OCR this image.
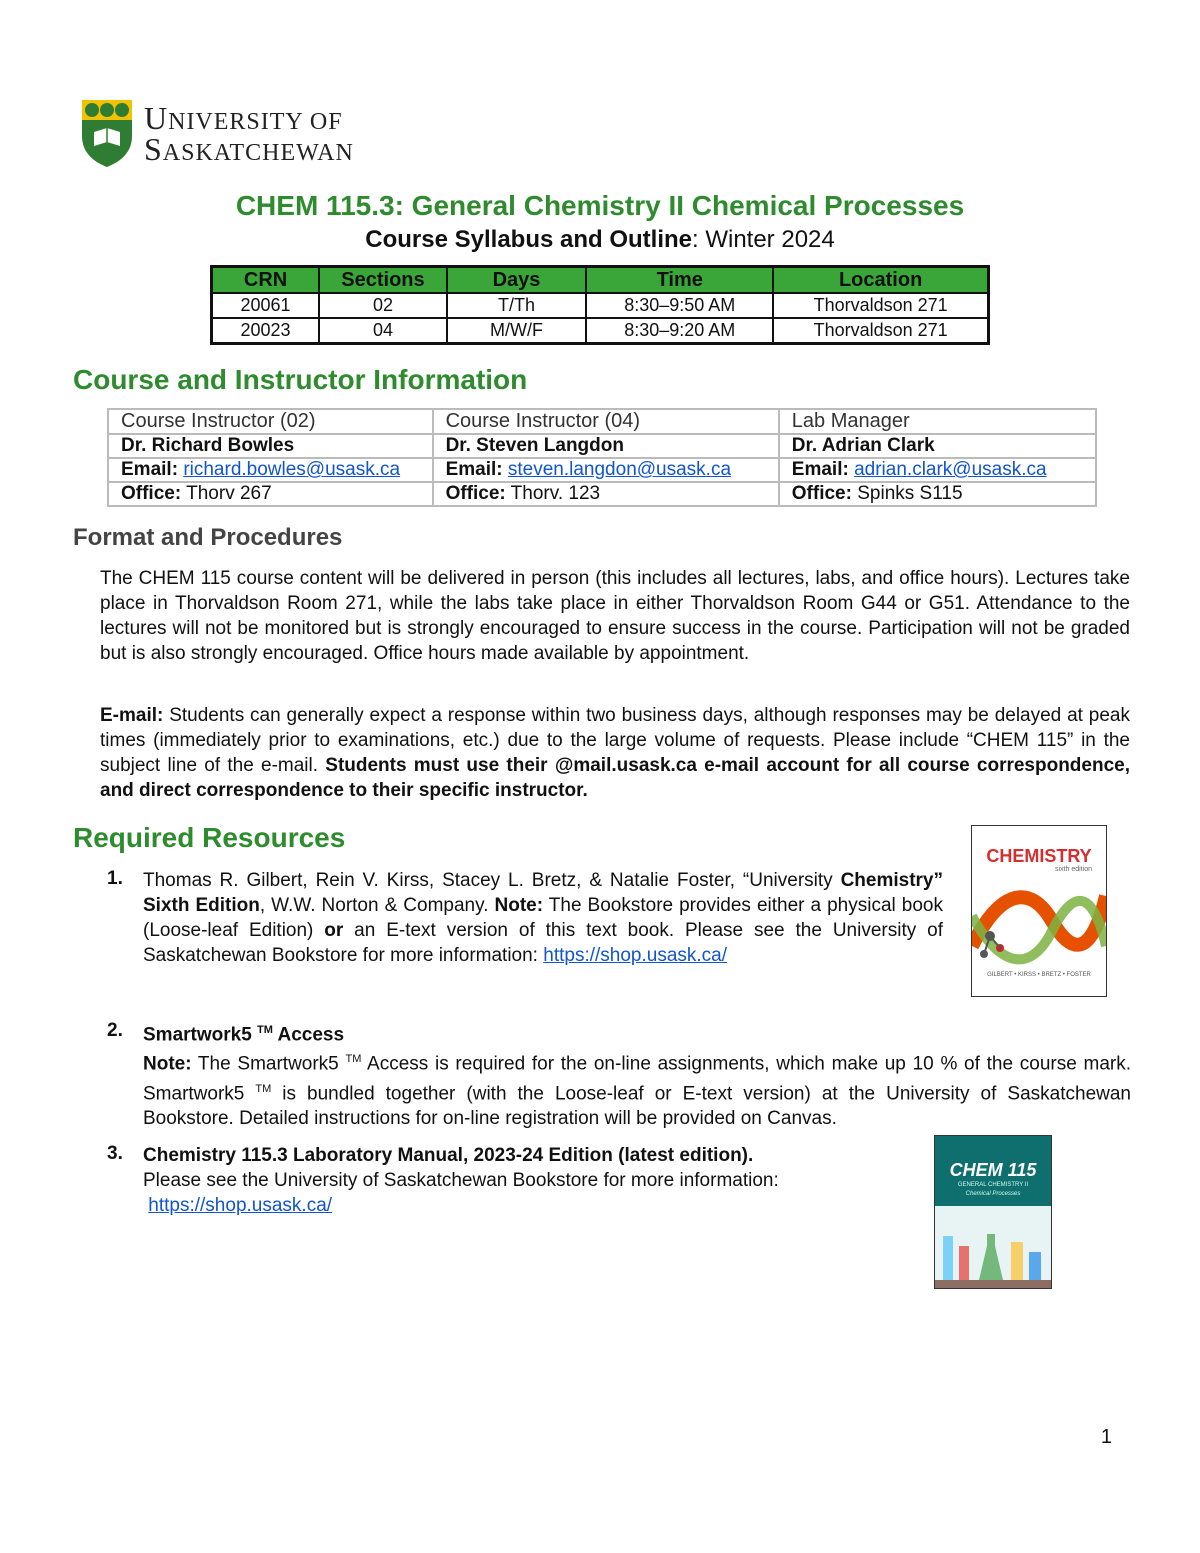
UNIVERSITY OF
SASKATCHEWAN
CHEM 115.3: General Chemistry II Chemical Processes
Course Syllabus and Outline: Winter 2024
CRN	Sections	Days	Time	Location
20061	02	T/Th	8:30–9:50 AM	Thorvaldson 271
20023	04	M/W/F	8:30–9:20 AM	Thorvaldson 271
Course and Instructor Information
Course Instructor (02)	Course Instructor (04)	Lab Manager
Dr. Richard Bowles	Dr. Steven Langdon	Dr. Adrian Clark
Email: richard.bowles@usask.ca	Email: steven.langdon@usask.ca	Email: adrian.clark@usask.ca
Office: Thorv 267	Office: Thorv. 123	Office: Spinks S115
Format and Procedures

The CHEM 115 course content will be delivered in person (this includes all lectures, labs, and office hours). Lectures take place in Thorvaldson Room 271, while the labs take place in either Thorvaldson Room G44 or G51. Attendance to the lectures will not be monitored but is strongly encouraged to ensure success in the course. Participation will not be graded but is also strongly encouraged. Office hours made available by appointment.

E-mail: Students can generally expect a response within two business days, although responses may be delayed at peak times (immediately prior to examinations, etc.) due to the large volume of requests. Please include “CHEM 115” in the subject line of the e-mail. Students must use their @mail.usask.ca e-mail account for all course correspondence, and direct correspondence to their specific instructor.

Required Resources
1. Thomas R. Gilbert, Rein V. Kirss, Stacey L. Bretz, & Natalie Foster, “University Chemistry” Sixth Edition, W.W. Norton & Company. Note: The Bookstore provides either a physical book (Loose-leaf Edition) or an E-text version of this text book. Please see the University of Saskatchewan Bookstore for more information: https://shop.usask.ca/

CHEMISTRY
sixth edition
GILBERT • KIRSS • BRETZ • FOSTER
2. Smartwork5 ™ Access
Note: The Smartwork5 ™ Access is required for the on-line assignments, which make up 10 % of the course mark. Smartwork5 ™ is bundled together (with the Loose-leaf or E-text version) at the University of Saskatchewan Bookstore. Detailed instructions for on-line registration will be provided on Canvas.

3. Chemistry 115.3 Laboratory Manual, 2023-24 Edition (latest edition).
Please see the University of Saskatchewan Bookstore for more information:
https://shop.usask.ca/

CHEM 115
GENERAL CHEMISTRY II
Chemical Processes
1
